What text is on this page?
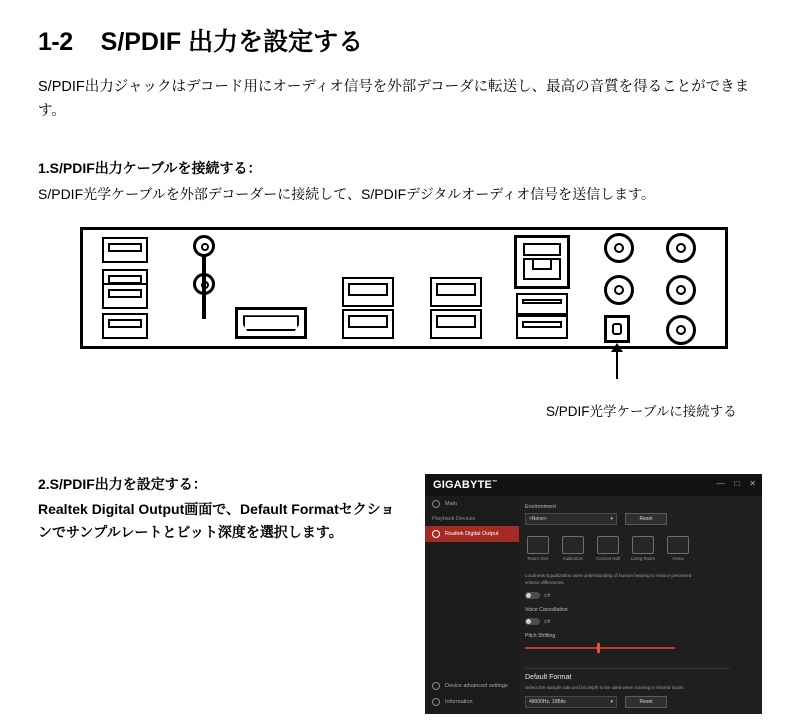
1-2 S/PDIF 出力を設定する
S/PDIF出力ジャックはデコード用にオーディオ信号を外部デコーダに転送し、最高の音質を得ることができます。
1.S/PDIF出力ケーブルを接続する：
S/PDIF光学ケーブルを外部デコーダーに接続して、S/PDIFデジタルオーディオ信号を送信します。
S/PDIF光学ケーブルに接続する
2.S/PDIF出力を設定する：
Realtek Digital Output画面で、Default Formatセクションでサンプルレートとビット深度を選択します。
GIGABYTE™	— □ ✕
Main
Playback Devices
Realtek Digital Output
Device advanced settings
Information
Environment
<None>	▾	Reset
Room Size	Auditorium	Concert Hall	Living Room	Arena
Loudness Equalization uses understanding of human hearing to reduce perceived volume differences.
Off
Voice Cancellation
Off
Pitch Shifting
Default Format
Select the sample rate and bit depth to be used when running in shared mode.
48000Hz, 16Bits	▾	Reset
